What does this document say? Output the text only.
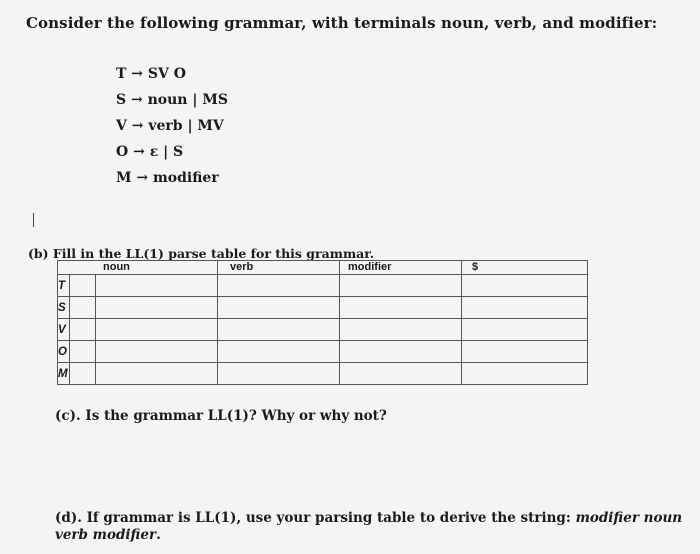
Consider the following grammar, with terminals noun, verb, and modifier:
T → SV O
S → noun | MS
V → verb | MV
O → ε | S
M → modifier
(b) Fill in the LL(1) parse table for this grammar.
noun			verb	modifier	$
T					
S					
V					
O					
M					
(c). Is the grammar LL(1)? Why or why not?
(d). If grammar is LL(1), use your parsing table to derive the string: modifier noun verb modifier.
